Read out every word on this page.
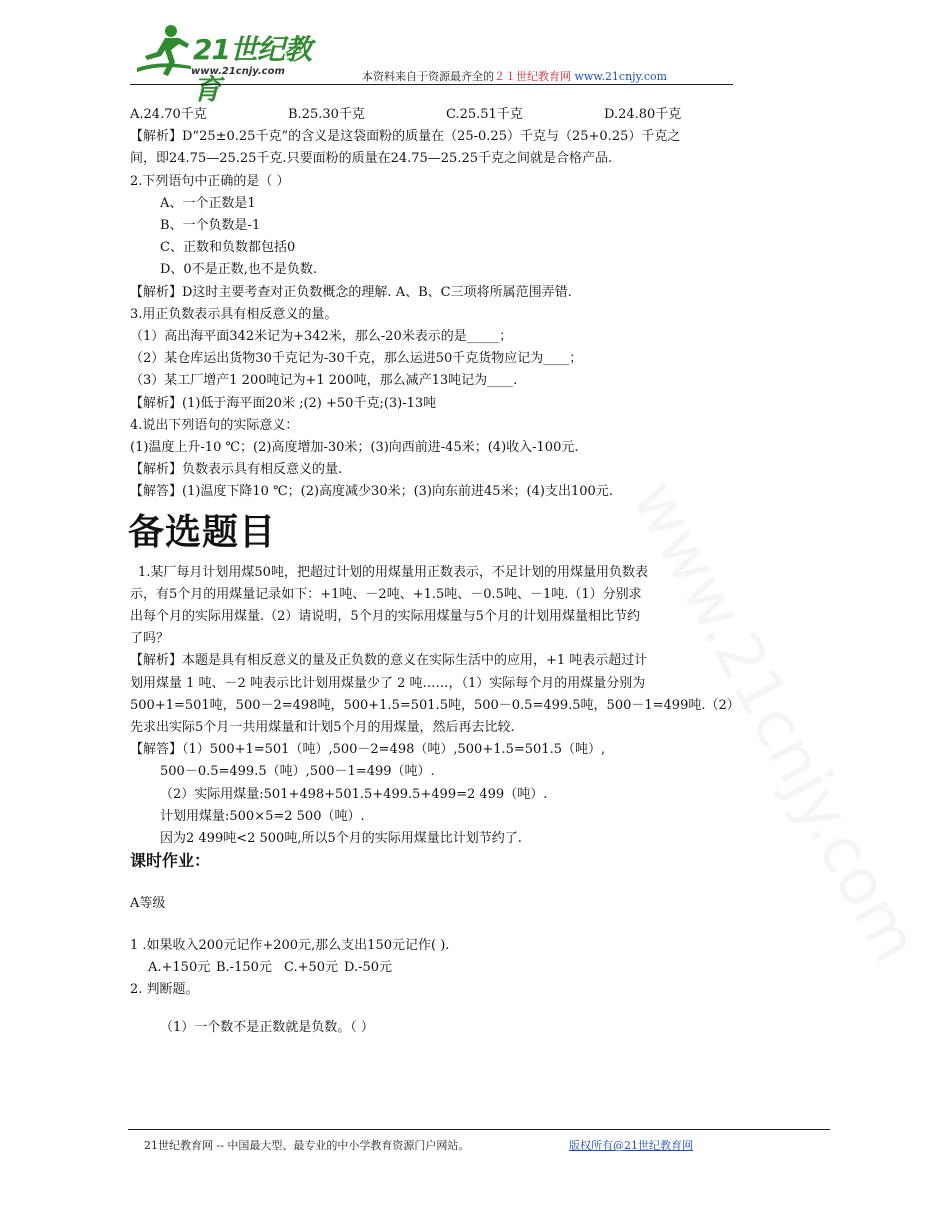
21世纪教育
www.21cnjy.com	本资料来自于资源最齐全的２１世纪教育网 www.21cnjy.com
www.21cnjy.com

A.24.70千克	B.25.30千克	C.25.51千克	D.24.80千克

【解析】D“25±0.25千克”的含义是这袋面粉的质量在（25-0.25）千克与（25+0.25）千克之

间，即24.75—25.25千克.只要面粉的质量在24.75—25.25千克之间就是合格产品.

2.下列语句中正确的是（ ）

A、一个正数是1

B、一个负数是-1

C、正数和负数都包括0

D、0不是正数,也不是负数.

【解析】D这时主要考查对正负数概念的理解. A、B、C三项将所属范围弄错.

3.用正负数表示具有相反意义的量。

（1）高出海平面342米记为+342米，那么-20米表示的是_____；

（2）某仓库运出货物30千克记为-30千克，那么运进50千克货物应记为____；

（3）某工厂增产1 200吨记为+1 200吨，那么减产13吨记为____.

【解析】(1)低于海平面20米 ;(2) +50千克;(3)-13吨

4.说出下列语句的实际意义：

(1)温度上升-10 ℃；(2)高度增加-30米；(3)向西前进-45米；(4)收入-100元.

【解析】负数表示具有相反意义的量.

【解答】(1)温度下降10 ℃；(2)高度减少30米；(3)向东前进45米；(4)支出100元.

备选题目

1.某厂每月计划用煤50吨，把超过计划的用煤量用正数表示，不足计划的用煤量用负数表

示，有5个月的用煤量记录如下：+1吨、－2吨、+1.5吨、－0.5吨、－1吨.（1）分别求

出每个月的实际用煤量.（2）请说明，5个月的实际用煤量与5个月的计划用煤量相比节约

了吗？

【解析】本题是具有相反意义的量及正负数的意义在实际生活中的应用，+1 吨表示超过计

划用煤量 1 吨、－2 吨表示比计划用煤量少了 2 吨……，（1）实际每个月的用煤量分别为

500+1=501吨，500－2=498吨，500+1.5=501.5吨，500－0.5=499.5吨，500－1=499吨.（2）

先求出实际5个月一共用煤量和计划5个月的用煤量，然后再去比较.

【解答】（1）500+1=501（吨）,500－2=498（吨）,500+1.5=501.5（吨）,

500－0.5=499.5（吨）,500－1=499（吨）.

（2）实际用煤量:501+498+501.5+499.5+499=2 499（吨）.

计划用煤量:500×5=2 500（吨）.

因为2 499吨<2 500吨,所以5个月的实际用煤量比计划节约了.

课时作业：

A等级

1 .如果收入200元记作+200元,那么支出150元记作( ).

A.+150元 B.-150元 C.+50元 D.-50元

2. 判断题。

（1）一个数不是正数就是负数。（ ）

21世纪教育网 -- 中国最大型、最专业的中小学教育资源门户网站。	版权所有@21世纪教育网
